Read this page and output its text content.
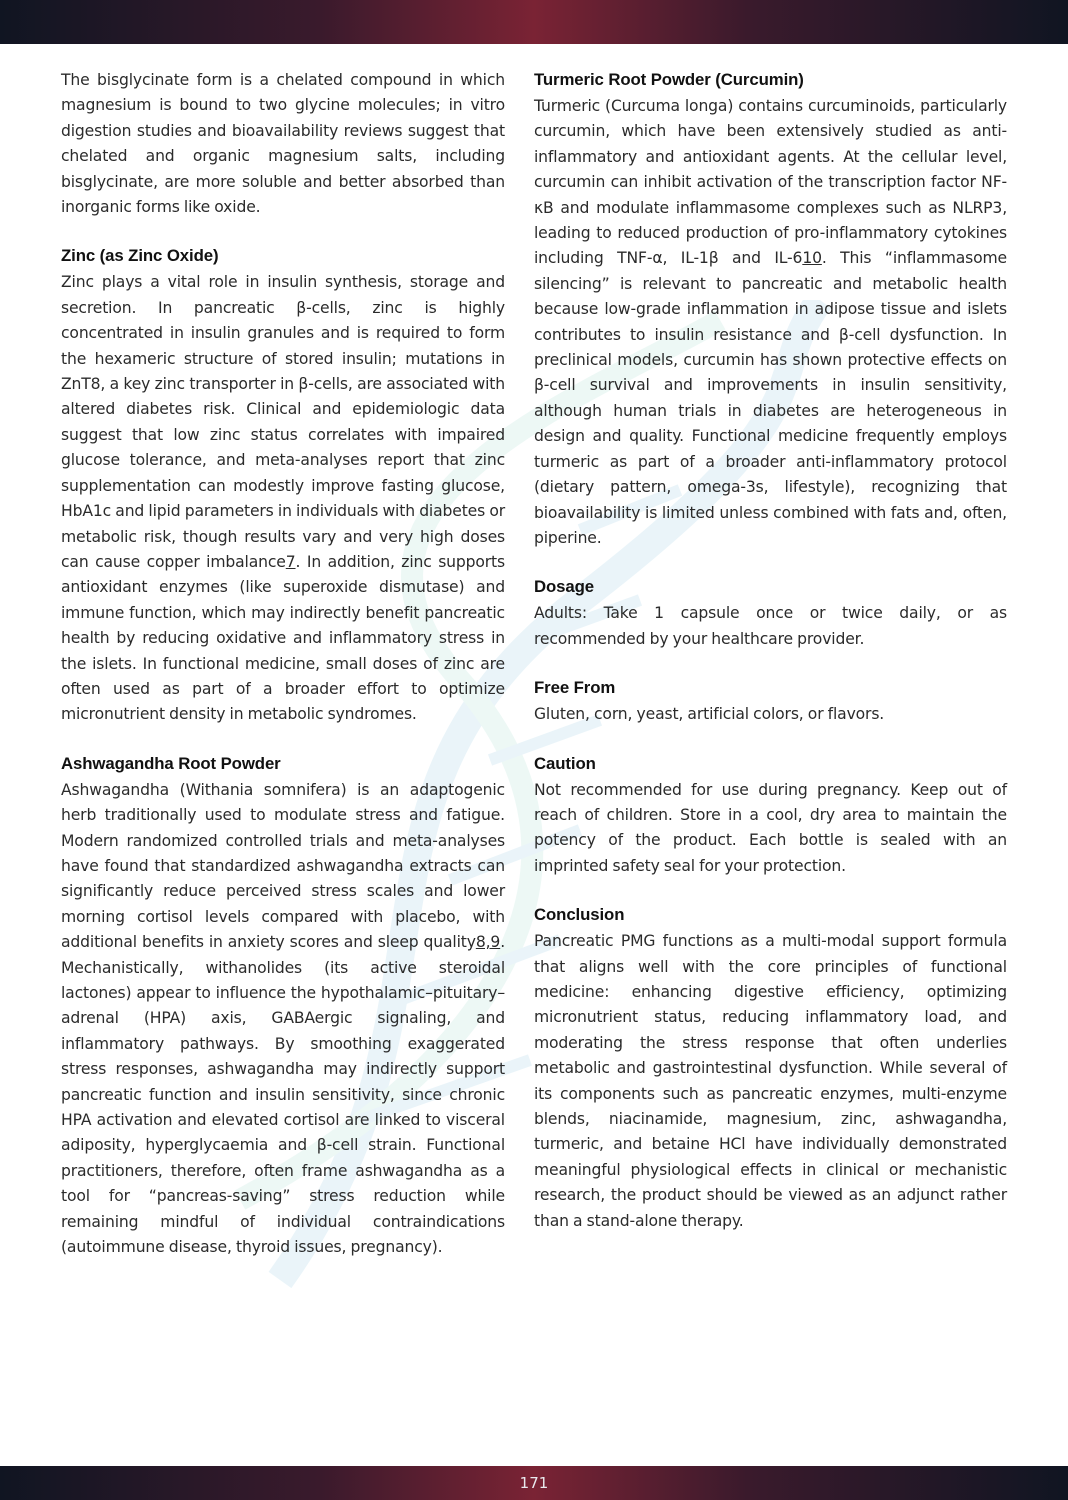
The bisglycinate form is a chelated compound in which magnesium is bound to two glycine molecules; in vitro digestion studies and bioavailability reviews suggest that chelated and organic magnesium salts, including bisglycinate, are more soluble and better absorbed than inorganic forms like oxide.

Zinc (as Zinc Oxide)

Zinc plays a vital role in insulin synthesis, storage and secretion. In pancreatic β-cells, zinc is highly concentrated in insulin granules and is required to form the hexameric structure of stored insulin; mutations in ZnT8, a key zinc transporter in β-cells, are associated with altered diabetes risk. Clinical and epidemiologic data suggest that low zinc status correlates with impaired glucose tolerance, and meta-analyses report that zinc supplementation can modestly improve fasting glucose, HbA1c and lipid parameters in individuals with diabetes or metabolic risk, though results vary and very high doses can cause copper imbalance7. In addition, zinc supports antioxidant enzymes (like superoxide dismutase) and immune function, which may indirectly benefit pancreatic health by reducing oxidative and inflammatory stress in the islets. In functional medicine, small doses of zinc are often used as part of a broader effort to optimize micronutrient density in metabolic syndromes.

Ashwagandha Root Powder

Ashwagandha (Withania somnifera) is an adaptogenic herb traditionally used to modulate stress and fatigue. Modern randomized controlled trials and meta-analyses have found that standardized ashwagandha extracts can significantly reduce perceived stress scales and lower morning cortisol levels compared with placebo, with additional benefits in anxiety scores and sleep quality8,9. Mechanistically, withanolides (its active steroidal lactones) appear to influence the hypothalamic–pituitary–adrenal (HPA) axis, GABAergic signaling, and inflammatory pathways. By smoothing exaggerated stress responses, ashwagandha may indirectly support pancreatic function and insulin sensitivity, since chronic HPA activation and elevated cortisol are linked to visceral adiposity, hyperglycaemia and β-cell strain. Functional practitioners, therefore, often frame ashwagandha as a tool for “pancreas-saving” stress reduction while remaining mindful of individual contraindications (autoimmune disease, thyroid issues, pregnancy).

Turmeric Root Powder (Curcumin)

Turmeric (Curcuma longa) contains curcuminoids, particularly curcumin, which have been extensively studied as anti-inflammatory and antioxidant agents. At the cellular level, curcumin can inhibit activation of the transcription factor NF-κB and modulate inflammasome complexes such as NLRP3, leading to reduced production of pro-inflammatory cytokines including TNF-α, IL-1β and IL-610. This “inflammasome silencing” is relevant to pancreatic and metabolic health because low-grade inflammation in adipose tissue and islets contributes to insulin resistance and β-cell dysfunction. In preclinical models, curcumin has shown protective effects on β-cell survival and improvements in insulin sensitivity, although human trials in diabetes are heterogeneous in design and quality. Functional medicine frequently employs turmeric as part of a broader anti-inflammatory protocol (dietary pattern, omega-3s, lifestyle), recognizing that bioavailability is limited unless combined with fats and, often, piperine.

Dosage

Adults: Take 1 capsule once or twice daily, or as recommended by your healthcare provider.

Free From

Gluten, corn, yeast, artificial colors, or flavors.

Caution

Not recommended for use during pregnancy. Keep out of reach of children. Store in a cool, dry area to maintain the potency of the product. Each bottle is sealed with an imprinted safety seal for your protection.

Conclusion

Pancreatic PMG functions as a multi-modal support formula that aligns well with the core principles of functional medicine: enhancing digestive efficiency, optimizing micronutrient status, reducing inflammatory load, and moderating the stress response that often underlies metabolic and gastrointestinal dysfunction. While several of its components such as pancreatic enzymes, multi-enzyme blends, niacinamide, magnesium, zinc, ashwagandha, turmeric, and betaine HCl have individually demonstrated meaningful physiological effects in clinical or mechanistic research, the product should be viewed as an adjunct rather than a stand-alone therapy.

171
